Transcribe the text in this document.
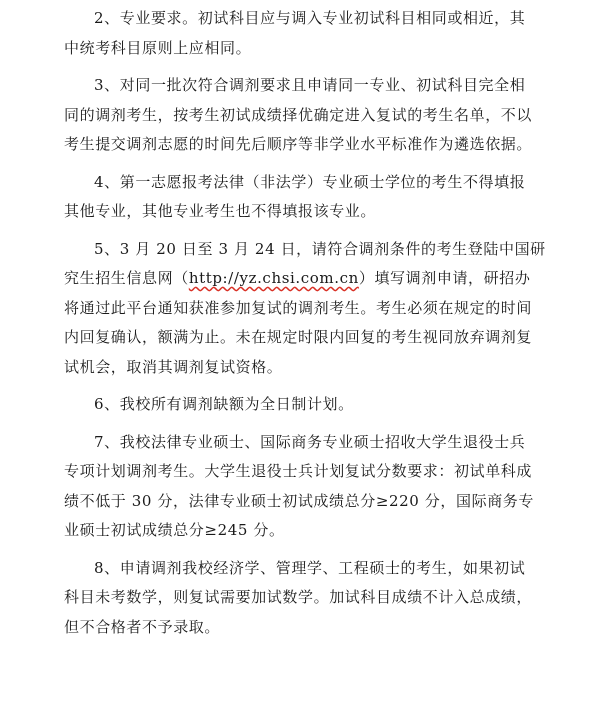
2、专业要求。初试科目应与调入专业初试科目相同或相近，其
中统考科目原则上应相同。

3、对同一批次符合调剂要求且申请同一专业、初试科目完全相
同的调剂考生，按考生初试成绩择优确定进入复试的考生名单，不以
考生提交调剂志愿的时间先后顺序等非学业水平标准作为遴选依据。

4、第一志愿报考法律（非法学）专业硕士学位的考生不得填报
其他专业，其他专业考生也不得填报该专业。

5、3 月 20 日至 3 月 24 日，请符合调剂条件的考生登陆中国研
究生招生信息网（http://yz.chsi.com.cn）填写调剂申请，研招办
将通过此平台通知获准参加复试的调剂考生。考生必须在规定的时间
内回复确认，额满为止。未在规定时限内回复的考生视同放弃调剂复
试机会，取消其调剂复试资格。

6、我校所有调剂缺额为全日制计划。

7、我校法律专业硕士、国际商务专业硕士招收大学生退役士兵
专项计划调剂考生。大学生退役士兵计划复试分数要求：初试单科成
绩不低于 30 分，法律专业硕士初试成绩总分≥220 分，国际商务专
业硕士初试成绩总分≥245 分。

8、申请调剂我校经济学、管理学、工程硕士的考生，如果初试
科目未考数学，则复试需要加试数学。加试科目成绩不计入总成绩，
但不合格者不予录取。
